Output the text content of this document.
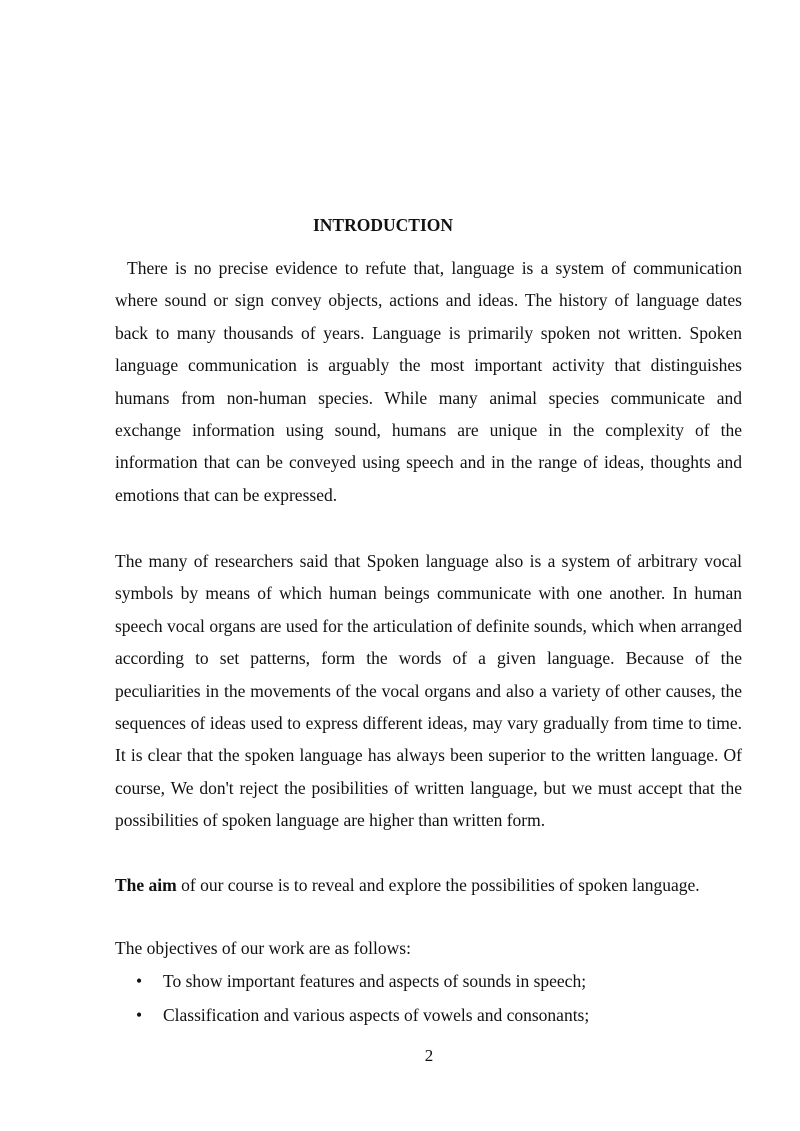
INTRODUCTION

There is no precise evidence to refute that, language is a system of communication where sound or sign convey objects, actions and ideas. The history of language dates back to many thousands of years. Language is primarily spoken not written. Spoken language communication is arguably the most important activity that distinguishes humans from non-human species. While many animal species communicate and exchange information using sound, humans are unique in the complexity of the information that can be conveyed using speech and in the range of ideas, thoughts and emotions that can be expressed.

The many of researchers said that Spoken language also is a system of arbitrary vocal symbols by means of which human beings communicate with one another. In human speech vocal organs are used for the articulation of definite sounds, which when arranged according to set patterns, form the words of a given language. Because of the peculiarities in the movements of the vocal organs and also a variety of other causes, the sequences of ideas used to express different ideas, may vary gradually from time to time. It is clear that the spoken language has always been superior to the written language. Of course, We don't reject the posibilities of written language, but we must accept that the possibilities of spoken language are higher than written form.

The aim of our course is to reveal and explore the possibilities of spoken language.

The objectives of our work are as follows:

• To show important features and aspects of sounds in speech;
• Classification and various aspects of vowels and consonants;
2
